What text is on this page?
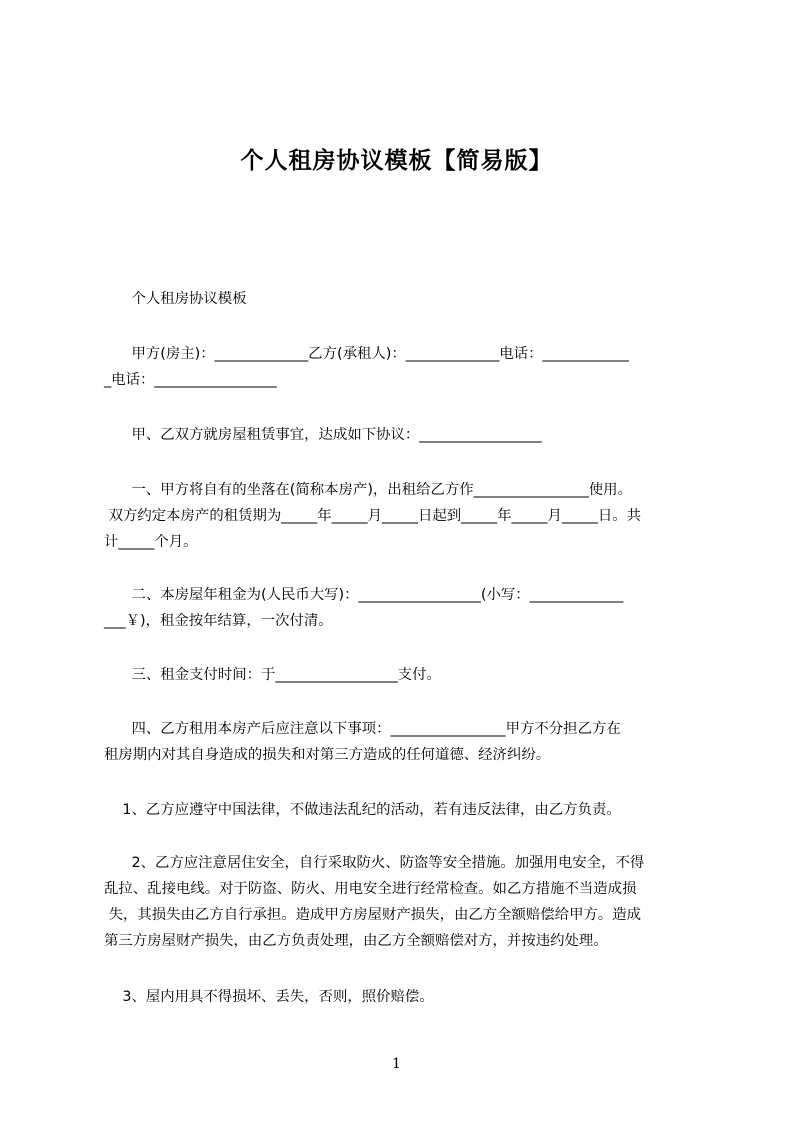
个人租房协议模板【简易版】
个人租房协议模板
甲方(房主)：_____________乙方(承租人)：_____________电话：____________
_电话：_________________
甲、乙双方就房屋租赁事宜，达成如下协议：_________________
一、甲方将自有的坐落在(简称本房产)，出租给乙方作________________使用。
双方约定本房产的租赁期为_____年_____月_____日起到_____年_____月_____日。共
计_____个月。
二、本房屋年租金为(人民币大写)：_________________(小写：_____________
___￥)，租金按年结算，一次付清。
三、租金支付时间：于_________________支付。
四、乙方租用本房产后应注意以下事项：________________甲方不分担乙方在
租房期内对其自身造成的损失和对第三方造成的任何道德、经济纠纷。
1、乙方应遵守中国法律，不做违法乱纪的活动，若有违反法律，由乙方负责。
2、乙方应注意居住安全，自行采取防火、防盗等安全措施。加强用电安全，不得
乱拉、乱接电线。对于防盗、防火、用电安全进行经常检查。如乙方措施不当造成损
失，其损失由乙方自行承担。造成甲方房屋财产损失，由乙方全额赔偿给甲方。造成
第三方房屋财产损失，由乙方负责处理，由乙方全额赔偿对方，并按违约处理。
3、屋内用具不得损坏、丢失，否则，照价赔偿。
1
